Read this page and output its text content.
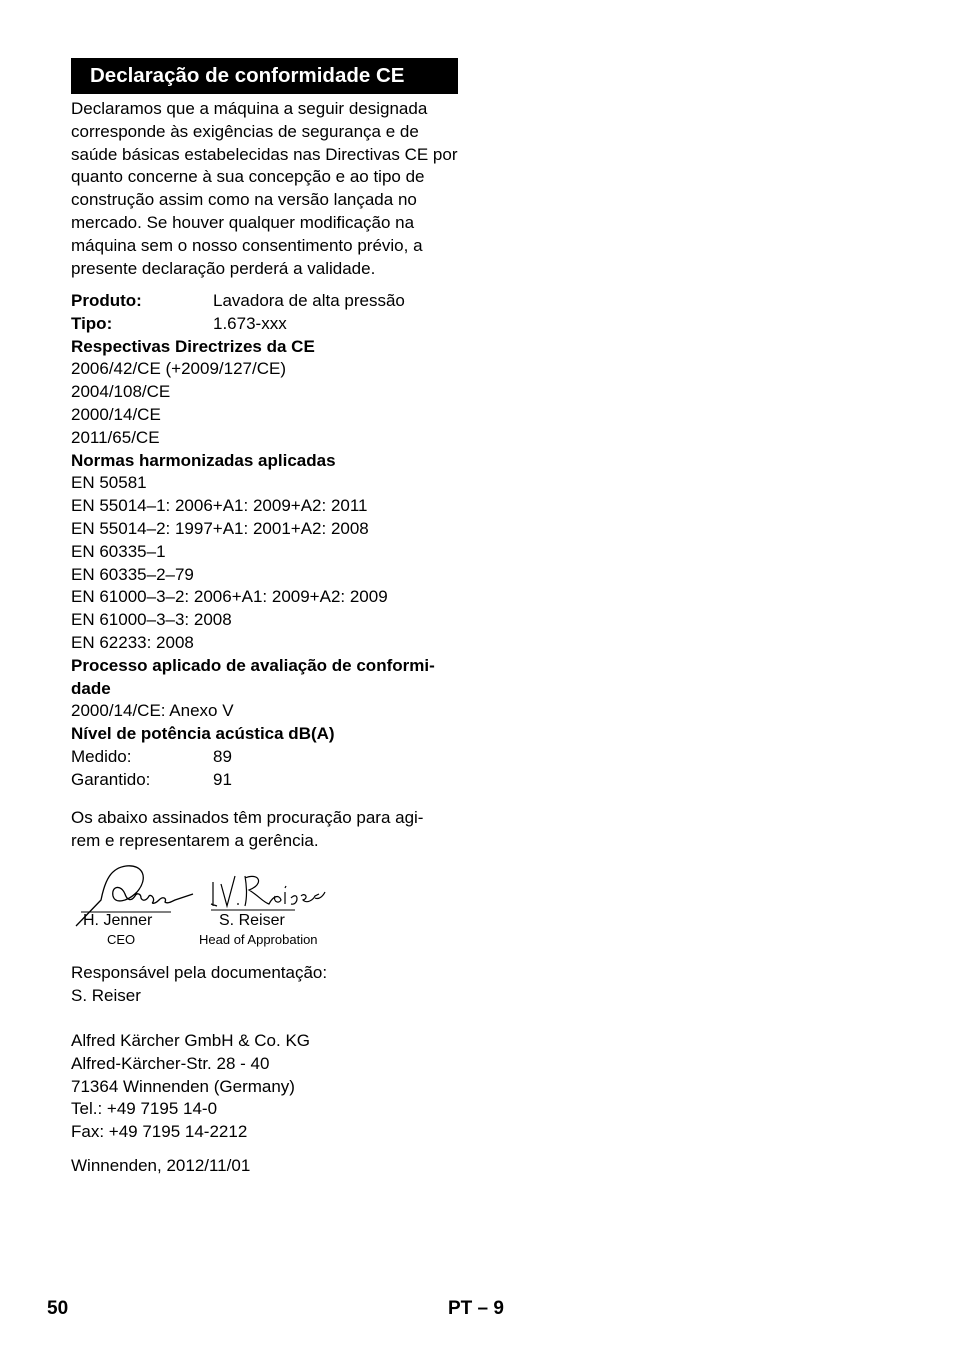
Declaração de conformidade CE

Declaramos que a máquina a seguir designada corresponde às exigências de segurança e de saúde básicas estabelecidas nas Directivas CE por quanto concerne à sua concepção e ao tipo de construção assim como na versão lançada no mercado. Se houver qualquer modificação na máquina sem o nosso consentimento prévio, a presente declaração perderá a validade.

Produto:	Lavadora de alta pressão
Tipo:	1.673-xxx

Respectivas Directrizes da CE

2006/42/CE (+2009/127/CE)

2004/108/CE

2000/14/CE

2011/65/CE

Normas harmonizadas aplicadas

EN 50581

EN 55014–1: 2006+A1: 2009+A2: 2011

EN 55014–2: 1997+A1: 2001+A2: 2008

EN 60335–1

EN 60335–2–79

EN 61000–3–2: 2006+A1: 2009+A2: 2009

EN 61000–3–3: 2008

EN 62233: 2008

Processo aplicado de avaliação de conformi-

dade

2000/14/CE: Anexo V

Nível de potência acústica dB(A)

Medido:	89
Garantido:	91

Os abaixo assinados têm procuração para agi-

rem e representarem a gerência.

H. Jenner
CEO
S. Reiser
Head of Approbation

Responsável pela documentação:

S. Reiser

Alfred Kärcher GmbH & Co. KG

Alfred-Kärcher-Str. 28 - 40

71364 Winnenden (Germany)

Tel.: +49 7195 14-0

Fax: +49 7195 14-2212

Winnenden, 2012/11/01

50	PT – 9
